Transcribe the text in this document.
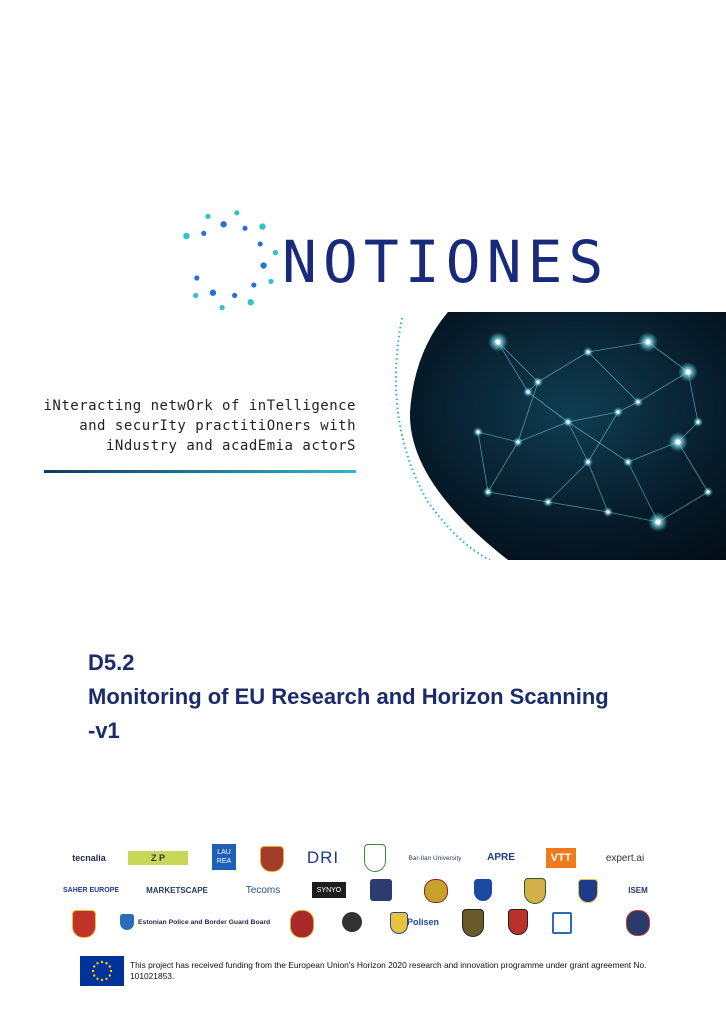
NOTIONES
iNteracting netwOrk of inTelligence
and securIty practitiOners with
iNdustry and acadEmia actorS
D5.2
Monitoring of EU Research and Horizon Scanning
-v1
tecnalia	Z P
LAU REA	DRI	Bar-Ilan University	APRE	VTT	expert.ai
SAHER EUROPE	MARKETSCAPE	Tecoms	SYNYO	ISEM
Estonian Police and Border Guard Board	Polisen
This project has received funding from the European Union's Horizon 2020 research and innovation programme under grant agreement No. 101021853.
